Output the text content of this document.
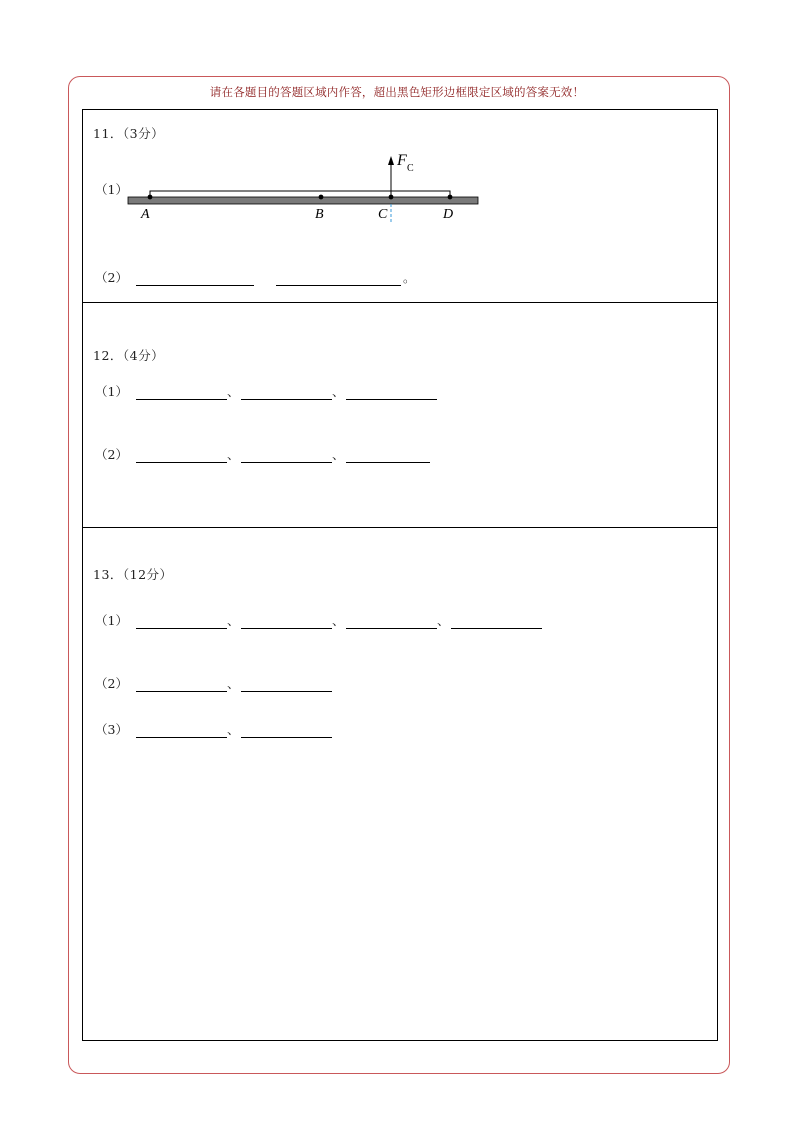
请在各题目的答题区域内作答，超出黑色矩形边框限定区域的答案无效！
11．（3分）
（1）
F C
A	B	C	D
（2）	。
12．（4分）
（1）	、	、
（2）	、	、
13．（12分）
（1）	、	、	、
（2）	、
（3）	、
